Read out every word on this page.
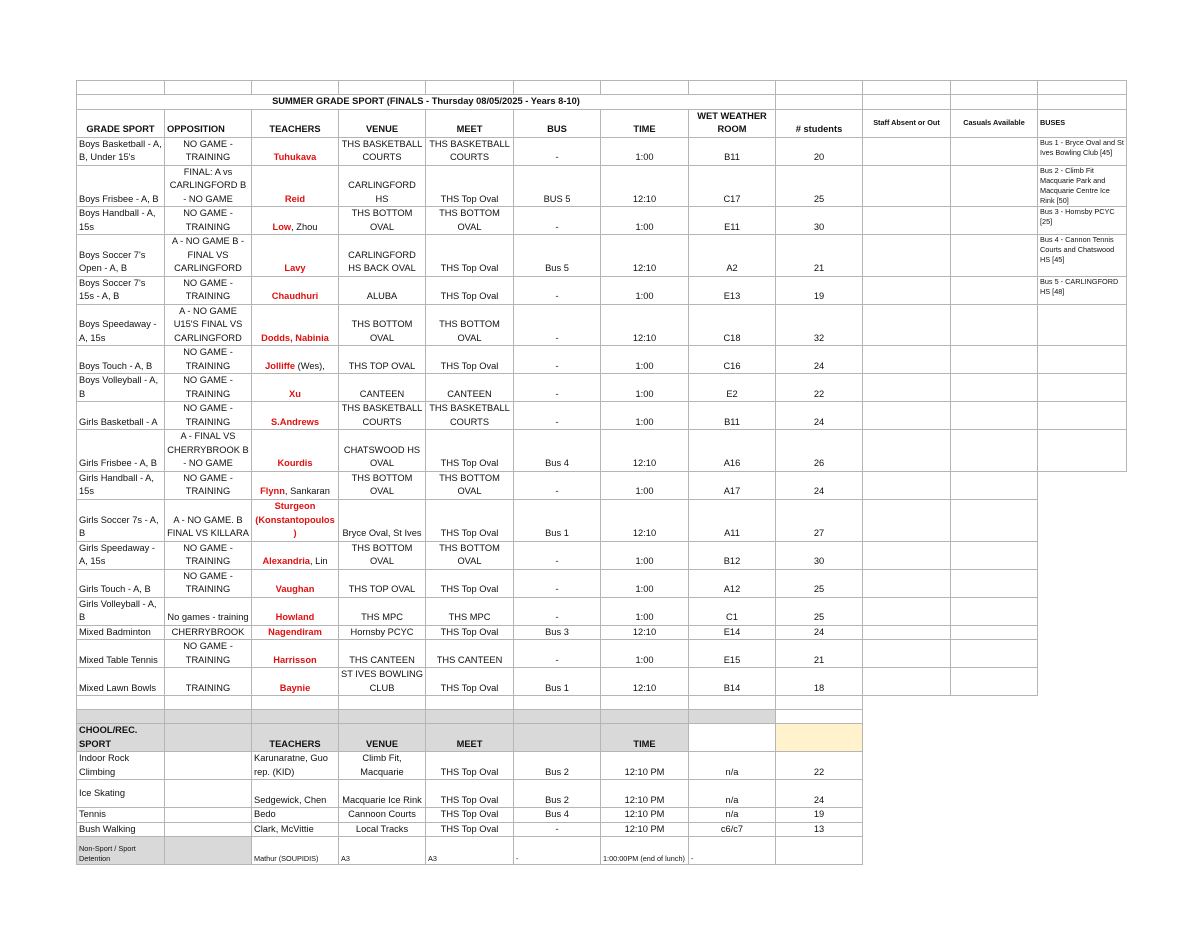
SUMMER GRADE SPORT (FINALS - Thursday 08/05/2025 - Years 8-10)											
GRADE SPORT	OPPOSITION	TEACHERS	VENUE	MEET	BUS	TIME	WET WEATHER ROOM	# students	Staff Absent or Out	Casuals Available	BUSES
Boys Basketball - A, B, Under 15's	NO GAME - TRAINING	Tuhukava	THS BASKETBALL COURTS	THS BASKETBALL COURTS	-	1:00	B11	20			Bus 1 - Bryce Oval and St Ives Bowling Club [45]
Boys Frisbee - A, B	FINAL: A vs CARLINGFORD B - NO GAME	Reid	CARLINGFORD HS	THS Top Oval	BUS 5	12:10	C17	25			Bus 2 - Climb Fit Macquarie Park and Macquarie Centre Ice Rink [50]
Boys Handball - A, 15s	NO GAME - TRAINING	Low, Zhou	THS BOTTOM OVAL	THS BOTTOM OVAL	-	1:00	E11	30			Bus 3 - Hornsby PCYC [25]
Boys Soccer 7's Open - A, B	A - NO GAME B - FINAL VS CARLINGFORD	Lavy	CARLINGFORD HS BACK OVAL	THS Top Oval	Bus 5	12:10	A2	21			Bus 4 - Cannon Tennis Courts and Chatswood HS [45]
Boys Soccer 7's 15s - A, B	NO GAME - TRAINING	Chaudhuri	ALUBA	THS Top Oval	-	1:00	E13	19			Bus 5 - CARLINGFORD HS [48]
Boys Speedaway - A, 15s	A - NO GAME U15'S FINAL VS CARLINGFORD	Dodds, Nabinia	THS BOTTOM OVAL	THS BOTTOM OVAL	-	12:10	C18	32			
Boys Touch - A, B	NO GAME - TRAINING	Jolliffe (Wes),	THS TOP OVAL	THS Top Oval	-	1:00	C16	24			
Boys Volleyball - A, B	NO GAME - TRAINING	Xu	CANTEEN	CANTEEN	-	1:00	E2	22			
Girls Basketball - A	NO GAME - TRAINING	S.Andrews	THS BASKETBALL COURTS	THS BASKETBALL COURTS	-	1:00	B11	24			
Girls Frisbee - A, B	A - FINAL VS CHERRYBROOK B - NO GAME	Kourdis	CHATSWOOD HS OVAL	THS Top Oval	Bus 4	12:10	A16	26			
Girls Handball - A, 15s	NO GAME - TRAINING	Flynn, Sankaran	THS BOTTOM OVAL	THS BOTTOM OVAL	-	1:00	A17	24			
Girls Soccer 7s - A, B	A - NO GAME. B FINAL VS KILLARA	Sturgeon (Konstantopoulos)	Bryce Oval, St Ives	THS Top Oval	Bus 1	12:10	A11	27			
Girls Speedaway - A, 15s	NO GAME - TRAINING	Alexandria, Lin	THS BOTTOM OVAL	THS BOTTOM OVAL	-	1:00	B12	30			
Girls Touch - A, B	NO GAME - TRAINING	Vaughan	THS TOP OVAL	THS Top Oval	-	1:00	A12	25			
Girls Volleyball - A, B	No games - training	Howland	THS MPC	THS MPC	-	1:00	C1	25			
Mixed Badminton	CHERRYBROOK	Nagendiram	Hornsby PCYC	THS Top Oval	Bus 3	12:10	E14	24			
Mixed Table Tennis	NO GAME - TRAINING	Harrisson	THS CANTEEN	THS CANTEEN	-	1:00	E15	21			
Mixed Lawn Bowls	TRAINING	Baynie	ST IVES BOWLING CLUB	THS Top Oval	Bus 1	12:10	B14	18			

CHOOL/REC. SPORT		TEACHERS	VENUE	MEET		TIME					
Indoor Rock Climbing		Karunaratne, Guo rep. (KID)	Climb Fit, Macquarie	THS Top Oval	Bus 2	12:10 PM	n/a	22			
Ice Skating		Sedgewick, Chen	Macquarie Ice Rink	THS Top Oval	Bus 2	12:10 PM	n/a	24			
Tennis		Bedo	Cannoon Courts	THS Top Oval	Bus 4	12:10 PM	n/a	19			
Bush Walking		Clark, McVittie	Local Tracks	THS Top Oval	-	12:10 PM	c6/c7	13			
Non-Sport / Sport Detention		Mathur (SOUPIDIS)	A3	A3	-	1:00:00PM (end of lunch)	-				
